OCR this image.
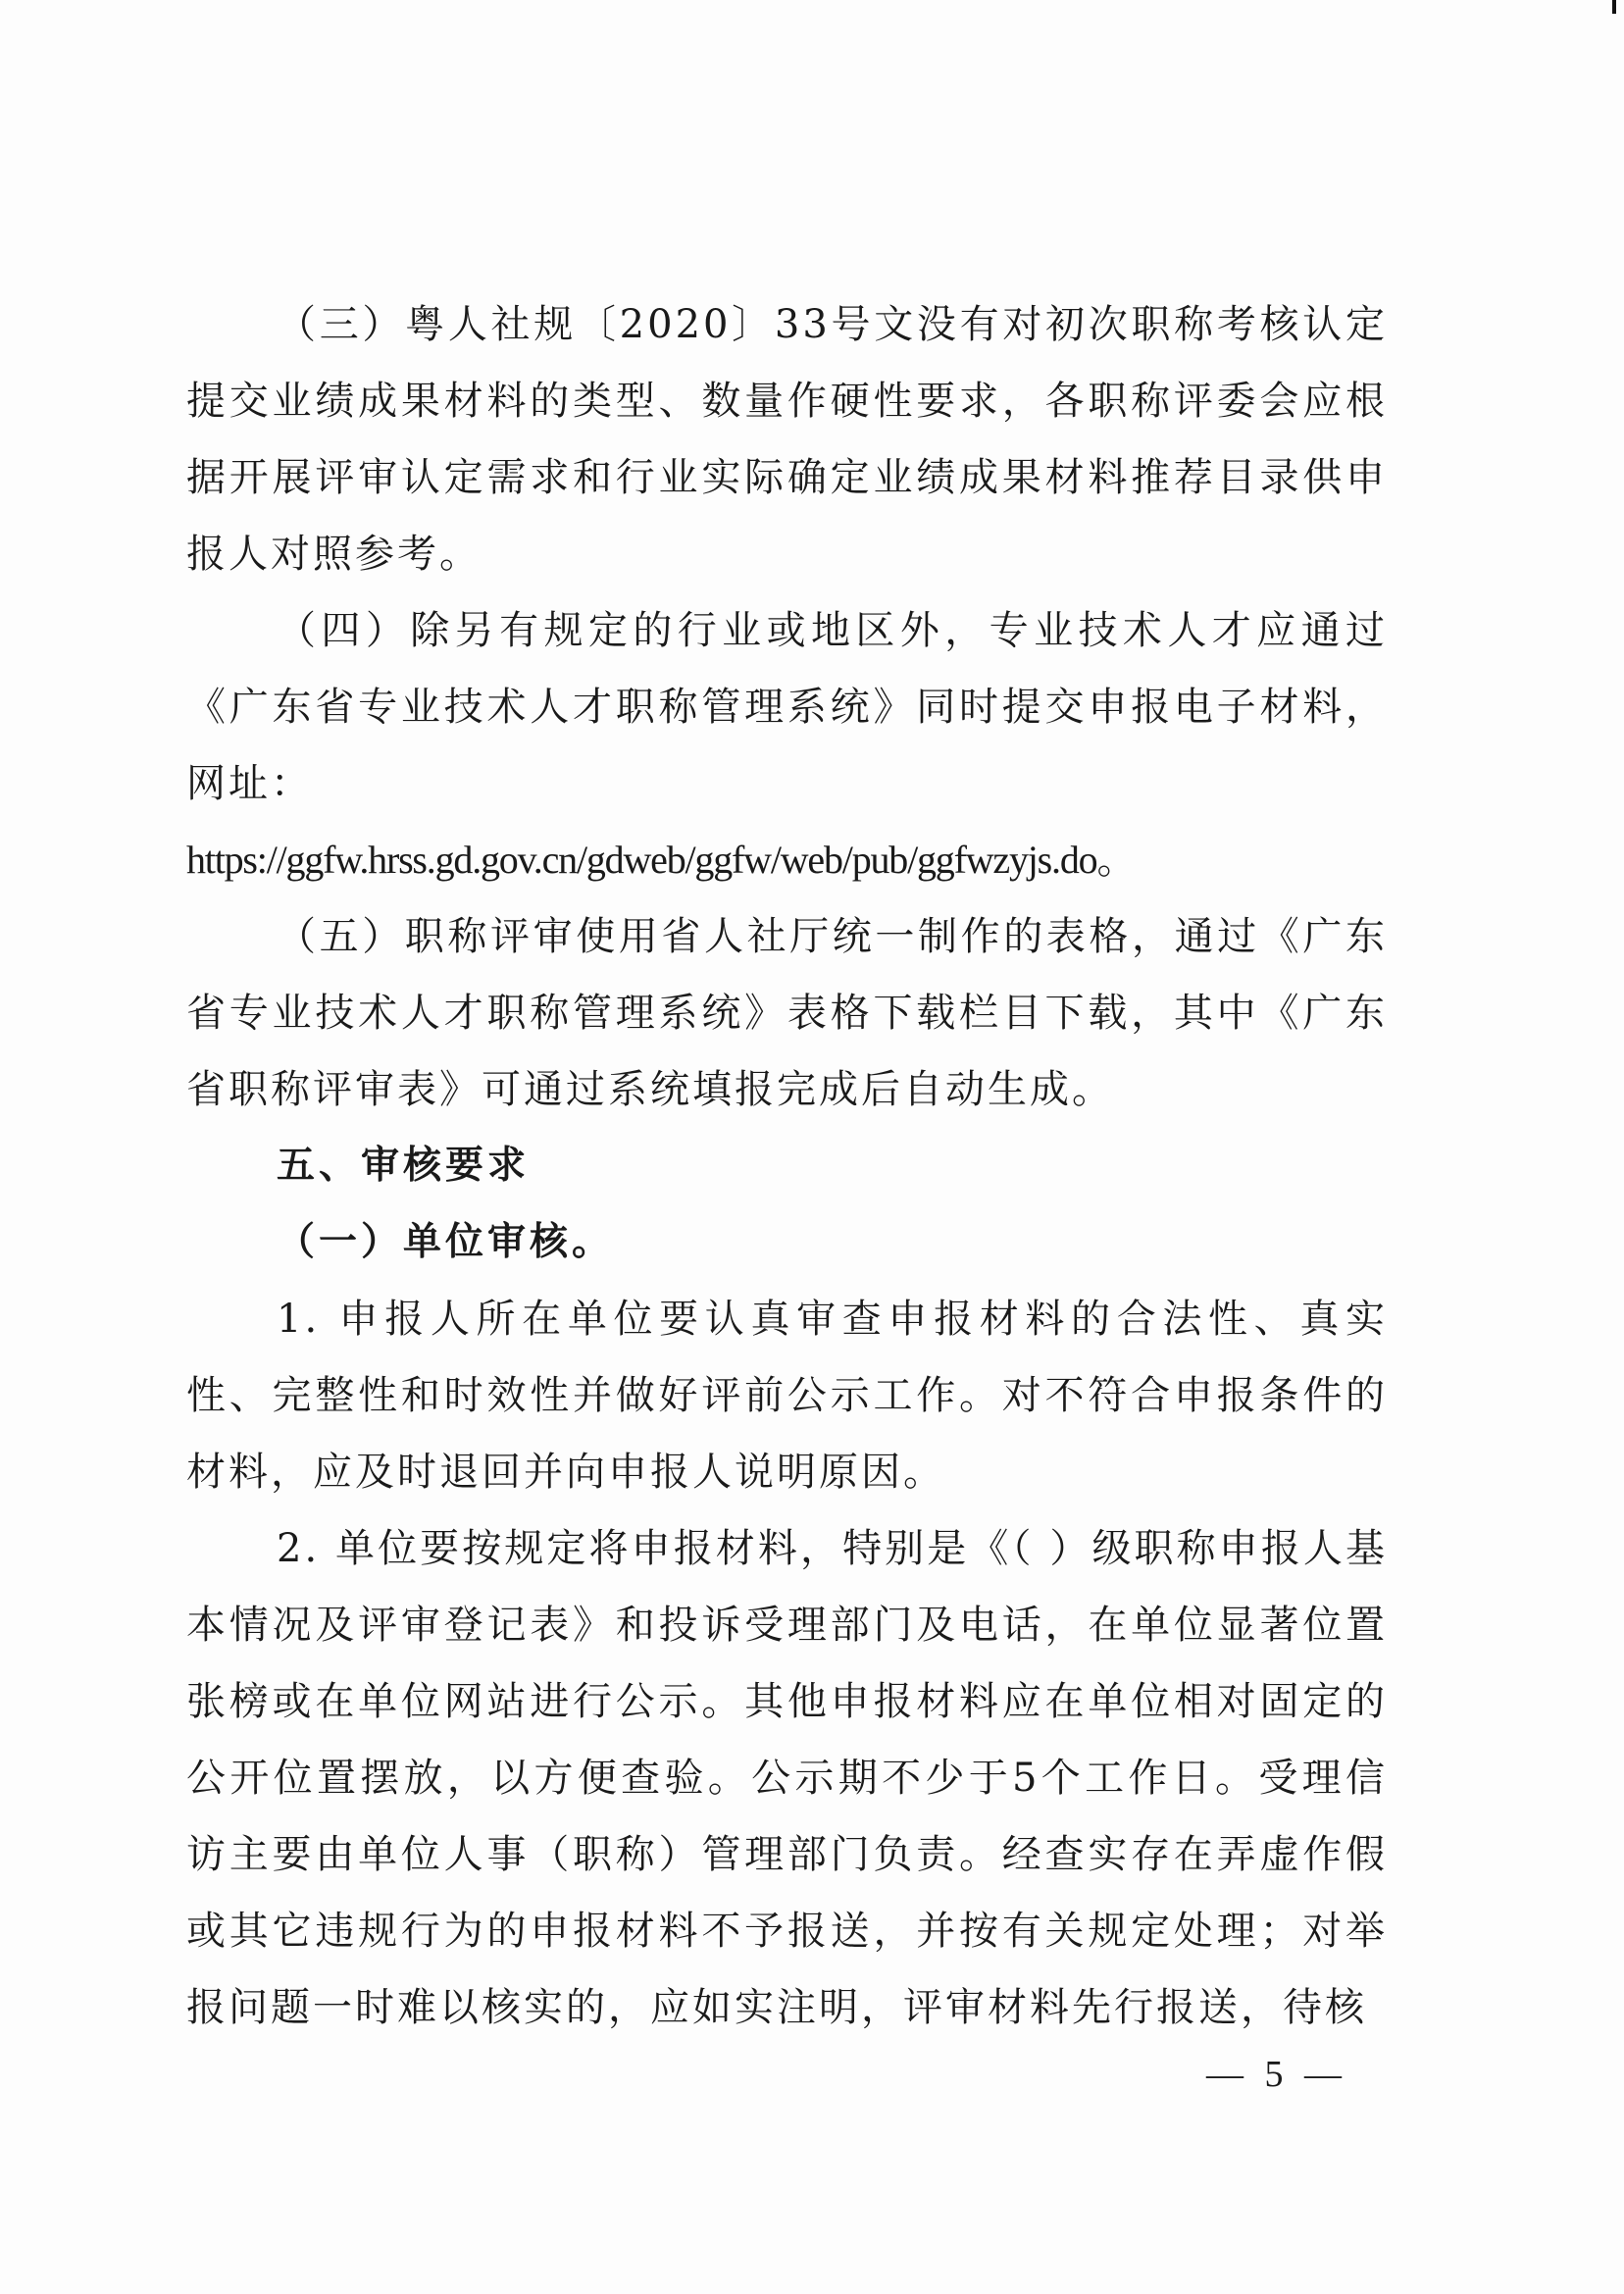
（三）粤人社规〔2020〕33号文没有对初次职称考核认定提交业绩成果材料的类型、数量作硬性要求，各职称评委会应根据开展评审认定需求和行业实际确定业绩成果材料推荐目录供申报人对照参考。

（四）除另有规定的行业或地区外，专业技术人才应通过《广东省专业技术人才职称管理系统》同时提交申报电子材料，网址：

https://ggfw.hrss.gd.gov.cn/gdweb/ggfw/web/pub/ggfwzyjs.do。

（五）职称评审使用省人社厅统一制作的表格，通过《广东省专业技术人才职称管理系统》表格下载栏目下载，其中《广东省职称评审表》可通过系统填报完成后自动生成。

五、审核要求

（一）单位审核。

1. 申报人所在单位要认真审查申报材料的合法性、真实性、完整性和时效性并做好评前公示工作。对不符合申报条件的材料，应及时退回并向申报人说明原因。

2. 单位要按规定将申报材料，特别是《（ ）级职称申报人基本情况及评审登记表》和投诉受理部门及电话，在单位显著位置张榜或在单位网站进行公示。其他申报材料应在单位相对固定的公开位置摆放，以方便查验。公示期不少于5个工作日。受理信访主要由单位人事（职称）管理部门负责。经查实存在弄虚作假或其它违规行为的申报材料不予报送，并按有关规定处理；对举报问题一时难以核实的，应如实注明，评审材料先行报送，待核

— 5 —
